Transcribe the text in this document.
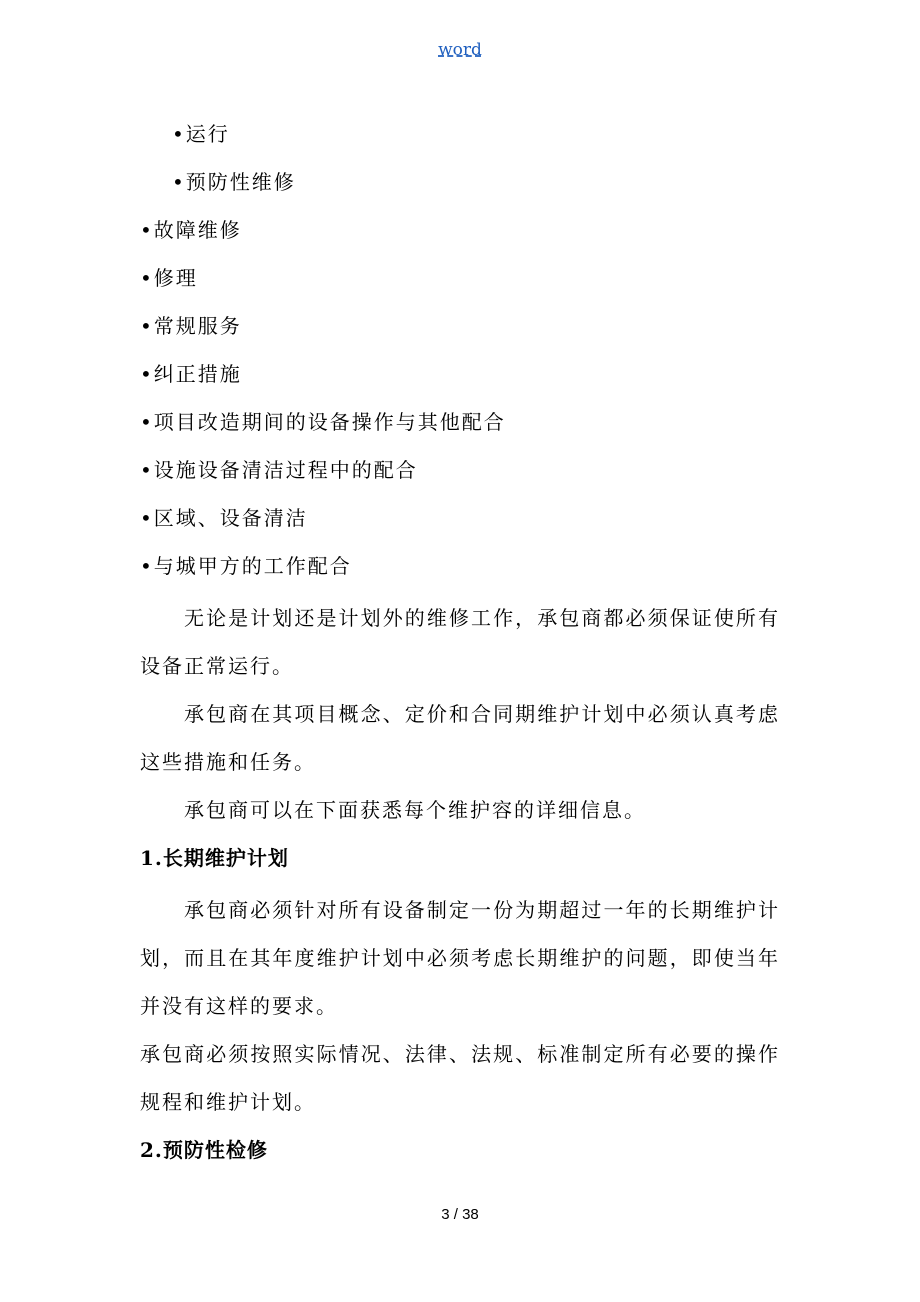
word
•运行
•预防性维修
•故障维修
•修理
•常规服务
•纠正措施
•项目改造期间的设备操作与其他配合
•设施设备清洁过程中的配合
•区域、设备清洁
•与城甲方的工作配合

无论是计划还是计划外的维修工作，承包商都必须保证使所有设备正常运行。

承包商在其项目概念、定价和合同期维护计划中必须认真考虑这些措施和任务。

承包商可以在下面获悉每个维护容的详细信息。

1.长期维护计划

承包商必须针对所有设备制定一份为期超过一年的长期维护计划，而且在其年度维护计划中必须考虑长期维护的问题，即使当年并没有这样的要求。

承包商必须按照实际情况、法律、法规、标准制定所有必要的操作规程和维护计划。

2.预防性检修
3 / 38
